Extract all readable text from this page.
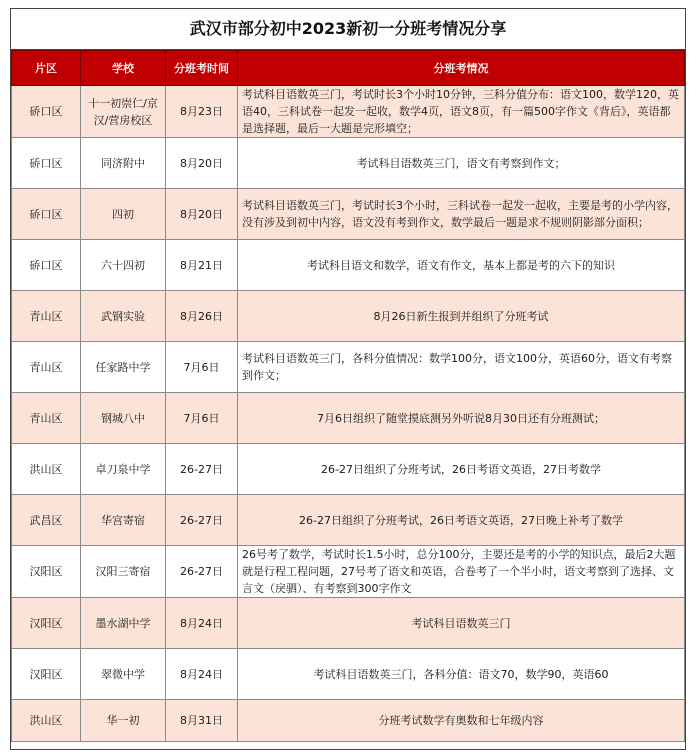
武汉市部分初中2023新初一分班考情况分享
片区	学校	分班考时间	分班考情况
硚口区	十一初崇仁/京汉/营房校区	8月23日	考试科目语数英三门，考试时长3个小时10分钟，三科分值分布：语文100，数学120，英语40，三科试卷一起发一起收，数学4页，语文8页，有一篇500字作文《背后》，英语都是选择题，最后一大题是完形填空；
硚口区	同济附中	8月20日	考试科目语数英三门，语文有考察到作文；
硚口区	四初	8月20日	考试科目语数英三门，考试时长3个小时，三科试卷一起发一起收，主要是考的小学内容，没有涉及到初中内容，语文没有考到作文，数学最后一题是求不规则阴影部分面积；
硚口区	六十四初	8月21日	考试科目语文和数学，语文有作文，基本上都是考的六下的知识
青山区	武钢实验	8月26日	8月26日新生报到并组织了分班考试
青山区	任家路中学	7月6日	考试科目语数英三门，各科分值情况：数学100分，语文100分，英语60分，语文有考察到作文；
青山区	钢城八中	7月6日	7月6日组织了随堂摸底测另外听说8月30日还有分班测试；
洪山区	卓刀泉中学	26-27日	26-27日组织了分班考试，26日考语文英语，27日考数学
武昌区	华宫寄宿	26-27日	26-27日组织了分班考试，26日考语文英语，27日晚上补考了数学
汉阳区	汉阳三寄宿	26-27日	26号考了数学，考试时长1.5小时，总分100分，主要还是考的小学的知识点，最后2大题就是行程工程问题，27号考了语文和英语，合卷考了一个半小时，语文考察到了选择、文言文（戾驷）、有考察到300字作文
汉阳区	墨水湖中学	8月24日	考试科目语数英三门
汉阳区	翠微中学	8月24日	考试科目语数英三门，各科分值：语文70，数学90，英语60
洪山区	华一初	8月31日	分班考试数学有奥数和七年级内容
